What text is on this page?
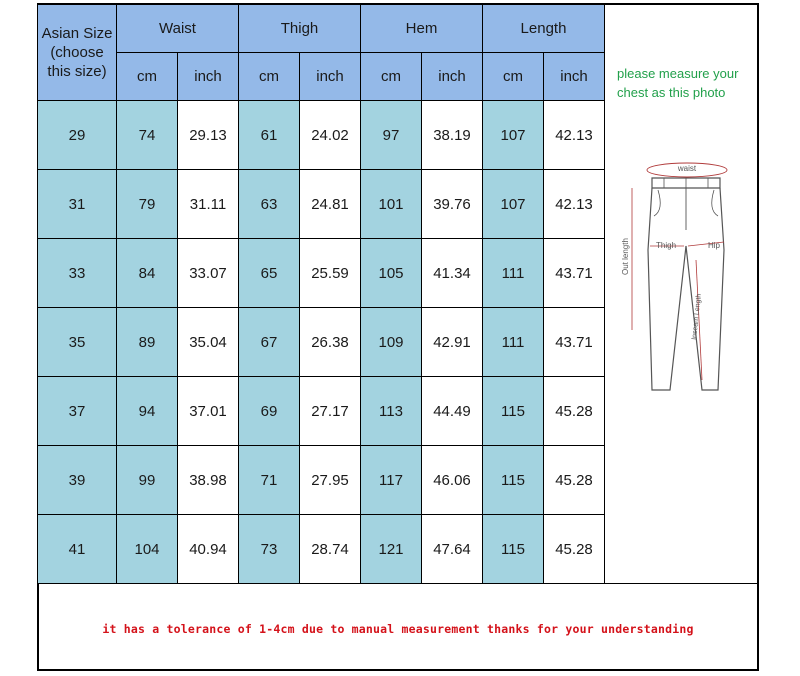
Asian Size (choose this size)	Waist		Thigh		Hem		Length	
	cm	inch	cm	inch	cm	inch	cm	inch
29	74	29.13	61	24.02	97	38.19	107	42.13
31	79	31.11	63	24.81	101	39.76	107	42.13
33	84	33.07	65	25.59	105	41.34	111	43.71
35	89	35.04	67	26.38	109	42.91	111	43.71
37	94	37.01	69	27.17	113	44.49	115	45.28
39	99	38.98	71	27.95	117	46.06	115	45.28
41	104	40.94	73	28.74	121	47.64	115	45.28
please measure your chest as this photo
waist
Thigh	Hip
Out length
Inseam Length
it has a tolerance of 1-4cm due to manual measurement thanks for your understanding
